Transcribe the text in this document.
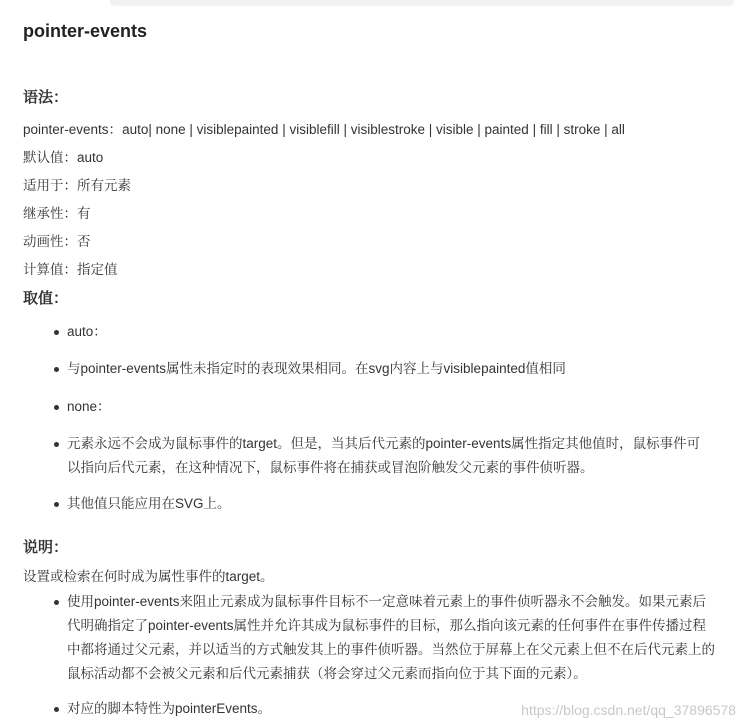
pointer-events
语法：
pointer-events：auto| none | visiblepainted | visiblefill | visiblestroke | visible | painted | fill | stroke | all
默认值：auto
适用于：所有元素
继承性：有
动画性：否
计算值：指定值
取值：
auto：
与pointer-events属性未指定时的表现效果相同。在svg内容上与visiblepainted值相同
none：
元素永远不会成为鼠标事件的target。但是，当其后代元素的pointer-events属性指定其他值时，鼠标事件可以指向后代元素，在这种情况下，鼠标事件将在捕获或冒泡阶触发父元素的事件侦听器。
其他值只能应用在SVG上。
说明：
设置或检索在何时成为属性事件的target。
使用pointer-events来阻止元素成为鼠标事件目标不一定意味着元素上的事件侦听器永不会触发。如果元素后代明确指定了pointer-events属性并允许其成为鼠标事件的目标，那么指向该元素的任何事件在事件传播过程中都将通过父元素，并以适当的方式触发其上的事件侦听器。当然位于屏幕上在父元素上但不在后代元素上的鼠标活动都不会被父元素和后代元素捕获（将会穿过父元素而指向位于其下面的元素）。
对应的脚本特性为pointerEvents。	https://blog.csdn.net/qq_37896578
